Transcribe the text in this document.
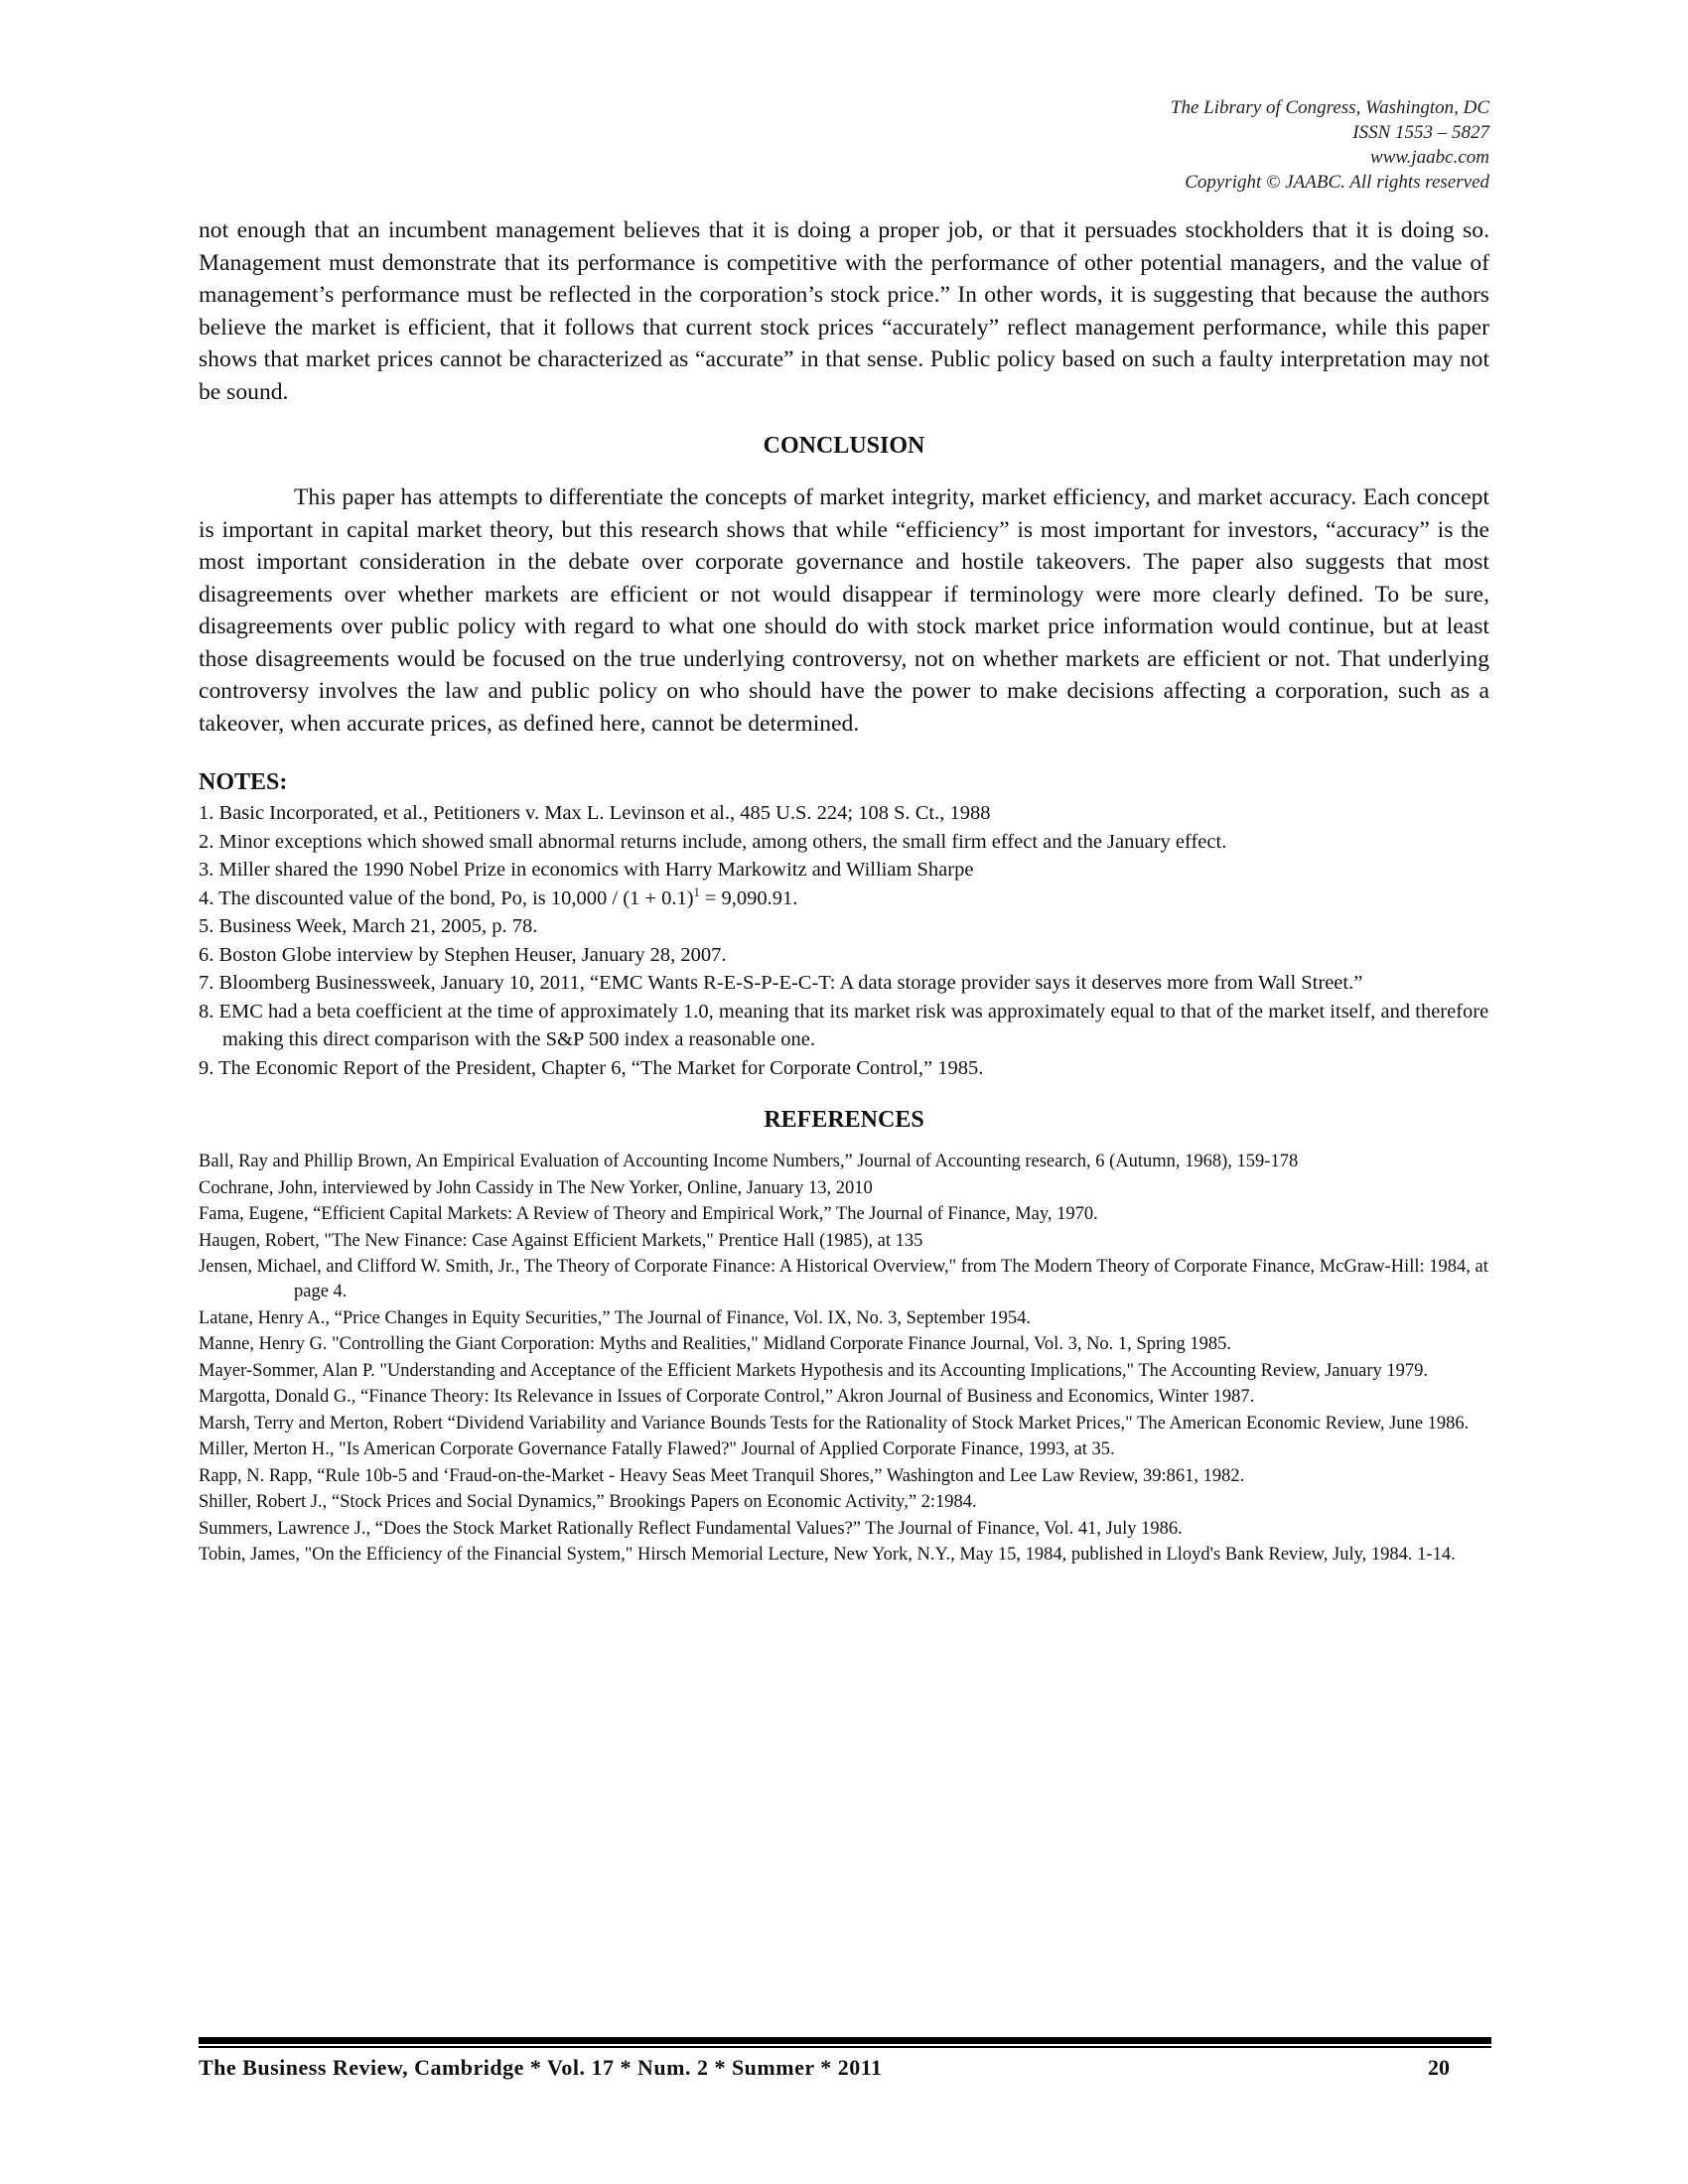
The Library of Congress, Washington, DC
ISSN 1553 – 5827
www.jaabc.com
Copyright © JAABC. All rights reserved

not enough that an incumbent management believes that it is doing a proper job, or that it persuades stockholders that it is doing so. Management must demonstrate that its performance is competitive with the performance of other potential managers, and the value of management’s performance must be reflected in the corporation’s stock price.” In other words, it is suggesting that because the authors believe the market is efficient, that it follows that current stock prices “accurately” reflect management performance, while this paper shows that market prices cannot be characterized as “accurate” in that sense. Public policy based on such a faulty interpretation may not be sound.

CONCLUSION

This paper has attempts to differentiate the concepts of market integrity, market efficiency, and market accuracy. Each concept is important in capital market theory, but this research shows that while “efficiency” is most important for investors, “accuracy” is the most important consideration in the debate over corporate governance and hostile takeovers. The paper also suggests that most disagreements over whether markets are efficient or not would disappear if terminology were more clearly defined. To be sure, disagreements over public policy with regard to what one should do with stock market price information would continue, but at least those disagreements would be focused on the true underlying controversy, not on whether markets are efficient or not. That underlying controversy involves the law and public policy on who should have the power to make decisions affecting a corporation, such as a takeover, when accurate prices, as defined here, cannot be determined.

NOTES:
1. Basic Incorporated, et al., Petitioners v. Max L. Levinson et al., 485 U.S. 224; 108 S. Ct., 1988
2. Minor exceptions which showed small abnormal returns include, among others, the small firm effect and the January effect.
3. Miller shared the 1990 Nobel Prize in economics with Harry Markowitz and William Sharpe
4. The discounted value of the bond, Po, is $10,000 / (1 + 0.1)^1 = 9,090.91$.
5. Business Week, March 21, 2005, p. 78.
6. Boston Globe interview by Stephen Heuser, January 28, 2007.
7. Bloomberg Businessweek, January 10, 2011, “EMC Wants R-E-S-P-E-C-T: A data storage provider says it deserves more from Wall Street.”
8. EMC had a beta coefficient at the time of approximately 1.0, meaning that its market risk was approximately equal to that of the market itself, and therefore making this direct comparison with the S&P 500 index a reasonable one.
9. The Economic Report of the President, Chapter 6, “The Market for Corporate Control,” 1985.
REFERENCES
Ball, Ray and Phillip Brown, An Empirical Evaluation of Accounting Income Numbers,” Journal of Accounting research, 6 (Autumn, 1968), 159-178
Cochrane, John, interviewed by John Cassidy in The New Yorker, Online, January 13, 2010
Fama, Eugene, “Efficient Capital Markets: A Review of Theory and Empirical Work,” The Journal of Finance, May, 1970.
Haugen, Robert, "The New Finance: Case Against Efficient Markets," Prentice Hall (1985), at 135
Jensen, Michael, and Clifford W. Smith, Jr., The Theory of Corporate Finance: A Historical Overview," from The Modern Theory of Corporate Finance, McGraw-Hill: 1984, at page 4.
Latane, Henry A., “Price Changes in Equity Securities,” The Journal of Finance, Vol. IX, No. 3, September 1954.
Manne, Henry G. "Controlling the Giant Corporation: Myths and Realities," Midland Corporate Finance Journal, Vol. 3, No. 1, Spring 1985.
Mayer-Sommer, Alan P. "Understanding and Acceptance of the Efficient Markets Hypothesis and its Accounting Implications," The Accounting Review, January 1979.
Margotta, Donald G., “Finance Theory: Its Relevance in Issues of Corporate Control,” Akron Journal of Business and Economics, Winter 1987.
Marsh, Terry and Merton, Robert “Dividend Variability and Variance Bounds Tests for the Rationality of Stock Market Prices," The American Economic Review, June 1986.
Miller, Merton H., "Is American Corporate Governance Fatally Flawed?" Journal of Applied Corporate Finance, 1993, at 35.
Rapp, N. Rapp, “Rule 10b-5 and ‘Fraud-on-the-Market - Heavy Seas Meet Tranquil Shores,” Washington and Lee Law Review, 39:861, 1982.
Shiller, Robert J., “Stock Prices and Social Dynamics,” Brookings Papers on Economic Activity,” 2:1984.
Summers, Lawrence J., “Does the Stock Market Rationally Reflect Fundamental Values?” The Journal of Finance, Vol. 41, July 1986.
Tobin, James, "On the Efficiency of the Financial System," Hirsch Memorial Lecture, New York, N.Y., May 15, 1984, published in Lloyd's Bank Review, July, 1984. 1-14.
The Business Review, Cambridge * Vol. 17 * Num. 2 * Summer * 2011	20
